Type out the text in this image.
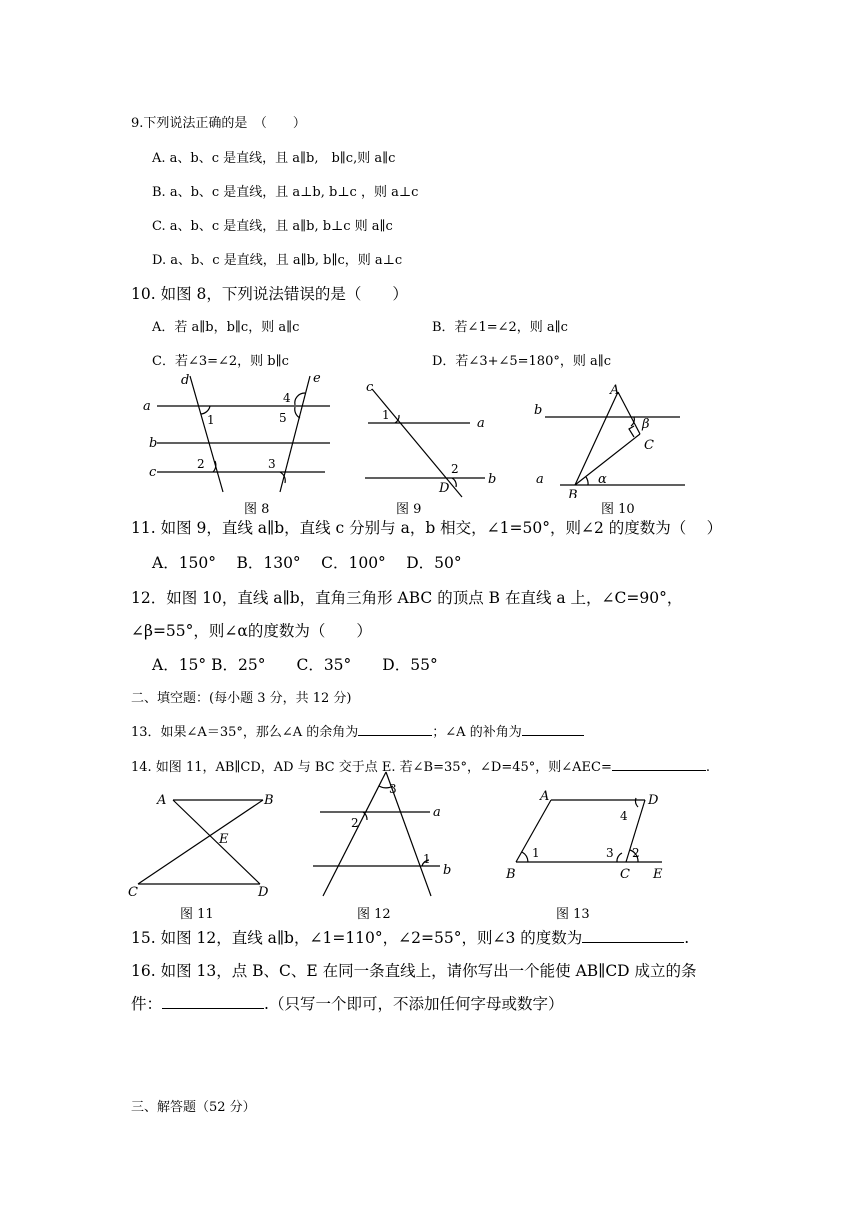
9.下列说法正确的是　（　　）
A. a、b、c 是直线，且 a∥b,　b∥c,则 a∥c
B. a、b、c 是直线，且 a⊥b, b⊥c ，则 a⊥c
C. a、b、c 是直线，且 a∥b, b⊥c 则 a∥c
D. a、b、c 是直线，且 a∥b, b∥c，则 a⊥c
10. 如图 8，下列说法错误的是（　　）
A．若 a∥b，b∥c，则 a∥c	B．若∠1=∠2，则 a∥c
C．若∠3=∠2，则 b∥c	D．若∠3+∠5=180°，则 a∥c
a
b
c
d	e
1
2	3
4
5
图 8
c
a
b
D
1
2
图 9
A
b
β
C
a
B
α
图 10
11. 如图 9，直线 a∥b，直线 c 分别与 a，b 相交，∠1=50°，则∠2 的度数为（　 ）
A．150°　 B．130°　 C．100°　 D．50°
12．如图 10，直线 a∥b，直角三角形 ABC 的顶点 B 在直线 a 上，∠C=90°，
∠β=55°，则∠α的度数为（　　）
A．15° B．25°　　C．35°　　D．55°
二、填空题：(每小题 3 分，共 12 分)
13．如果∠A＝35°，那么∠A 的余角为	；∠A 的补角为
14. 如图 11，AB∥CD，AD 与 BC 交于点 E. 若∠B=35°，∠D=45°，则∠AEC=	.
A	B
E
C	D
图 11
3
2
1
a
b
图 12
A	D
B	C E
4
1	3 2
图 13
15. 如图 12，直线 a∥b，∠1=110°，∠2=55°，则∠3 的度数为	.
16. 如图 13，点 B、C、E 在同一条直线上，请你写出一个能使 AB∥CD 成立的条
件：	.（只写一个即可，不添加任何字母或数字）
三、解答题（52 分）
